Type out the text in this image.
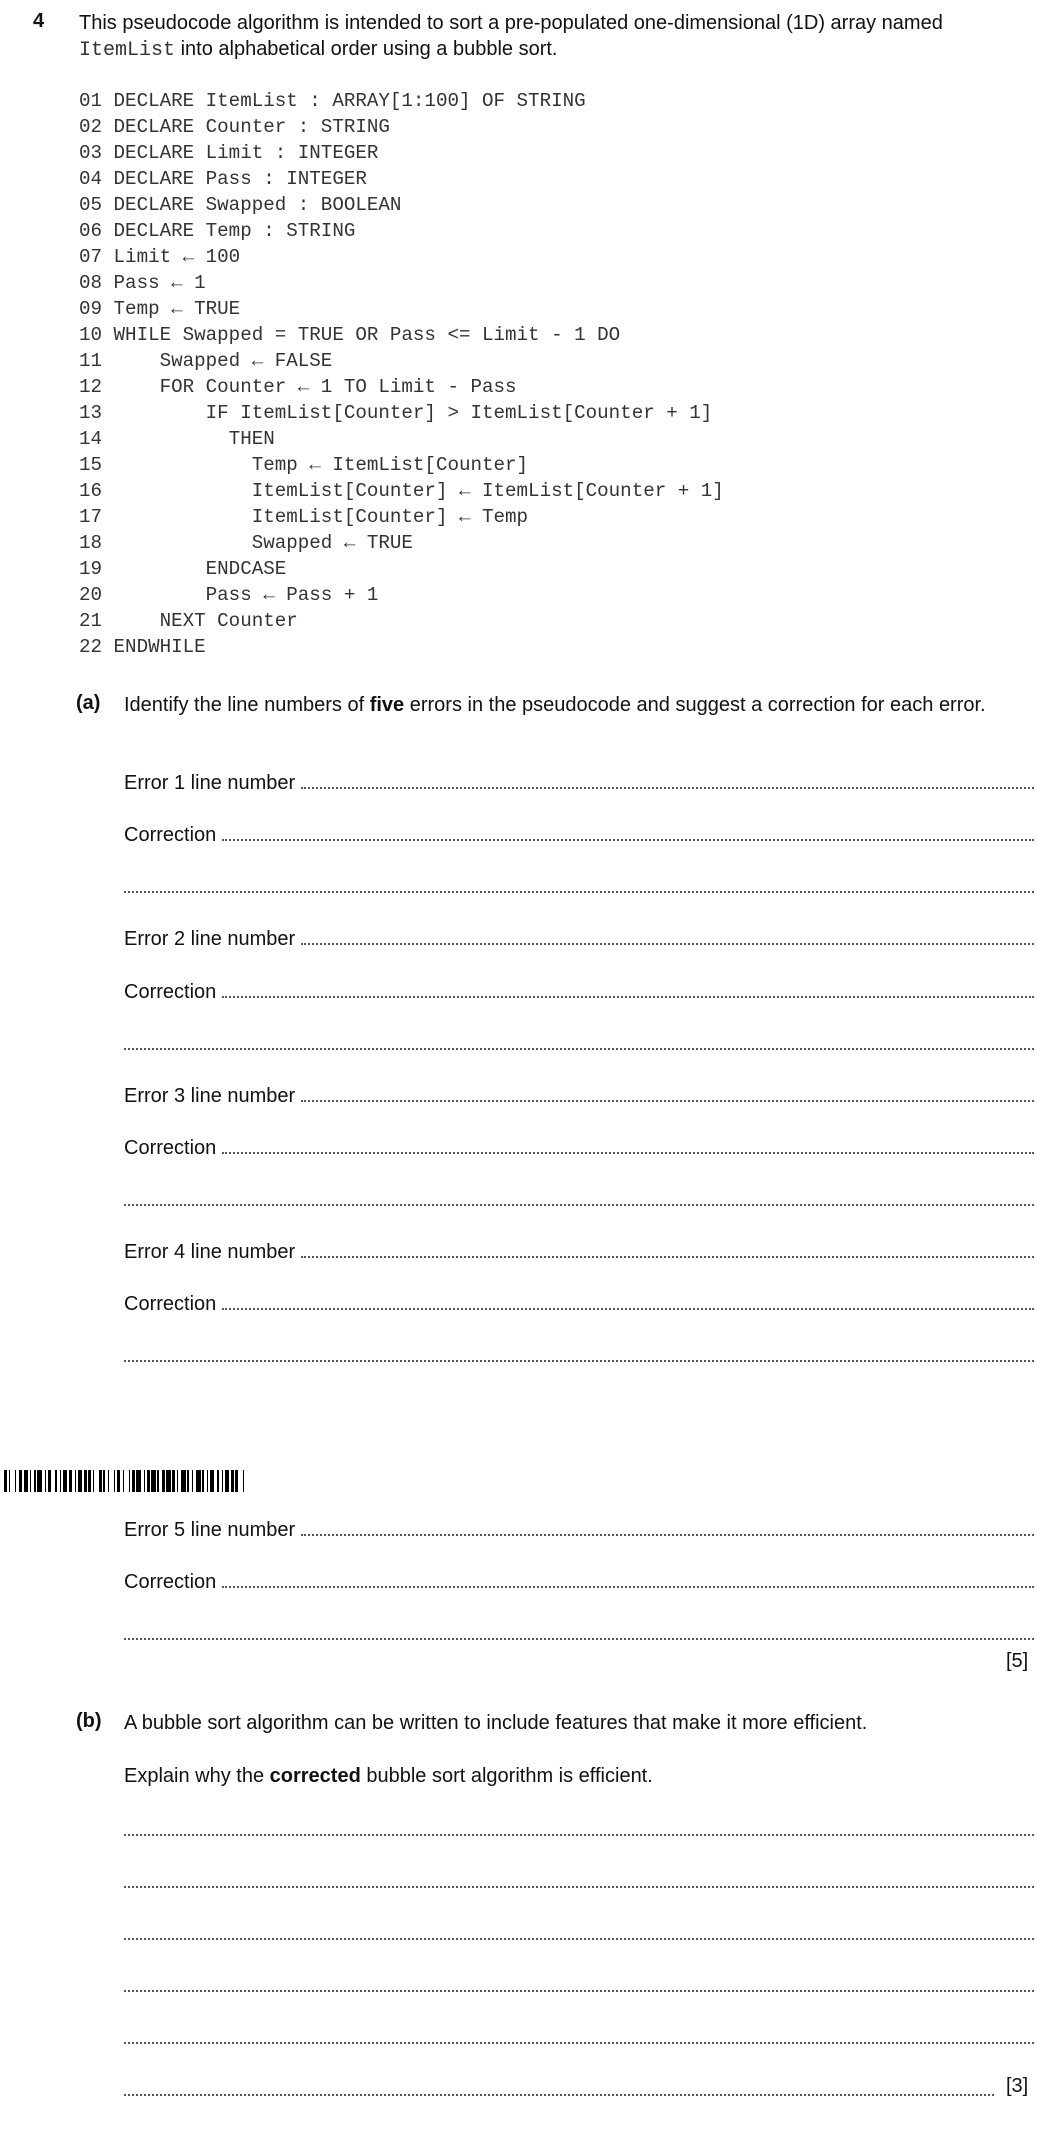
4 This pseudocode algorithm is intended to sort a pre-populated one-dimensional (1D) array named
ItemList into alphabetical order using a bubble sort.
01 DECLARE ItemList : ARRAY[1:100] OF STRING
02 DECLARE Counter : STRING
03 DECLARE Limit : INTEGER
04 DECLARE Pass : INTEGER
05 DECLARE Swapped : BOOLEAN
06 DECLARE Temp : STRING
07 Limit ← 100
08 Pass ← 1
09 Temp ← TRUE
10 WHILE Swapped = TRUE OR Pass <= Limit - 1 DO
11     Swapped ← FALSE
12     FOR Counter ← 1 TO Limit - Pass
13         IF ItemList[Counter] > ItemList[Counter + 1]
14           THEN
15             Temp ← ItemList[Counter]
16             ItemList[Counter] ← ItemList[Counter + 1]
17             ItemList[Counter] ← Temp
18             Swapped ← TRUE
19         ENDCASE
20         Pass ← Pass + 1
21     NEXT Counter
22 ENDWHILE
(a) Identify the line numbers of five errors in the pseudocode and suggest a correction for each error.
Error 1 line number
Correction
Error 2 line number
Correction
Error 3 line number
Correction
Error 4 line number
Correction
Error 5 line number
Correction
[5]
(b) A bubble sort algorithm can be written to include features that make it more efficient.
Explain why the corrected bubble sort algorithm is efficient.
[3]
